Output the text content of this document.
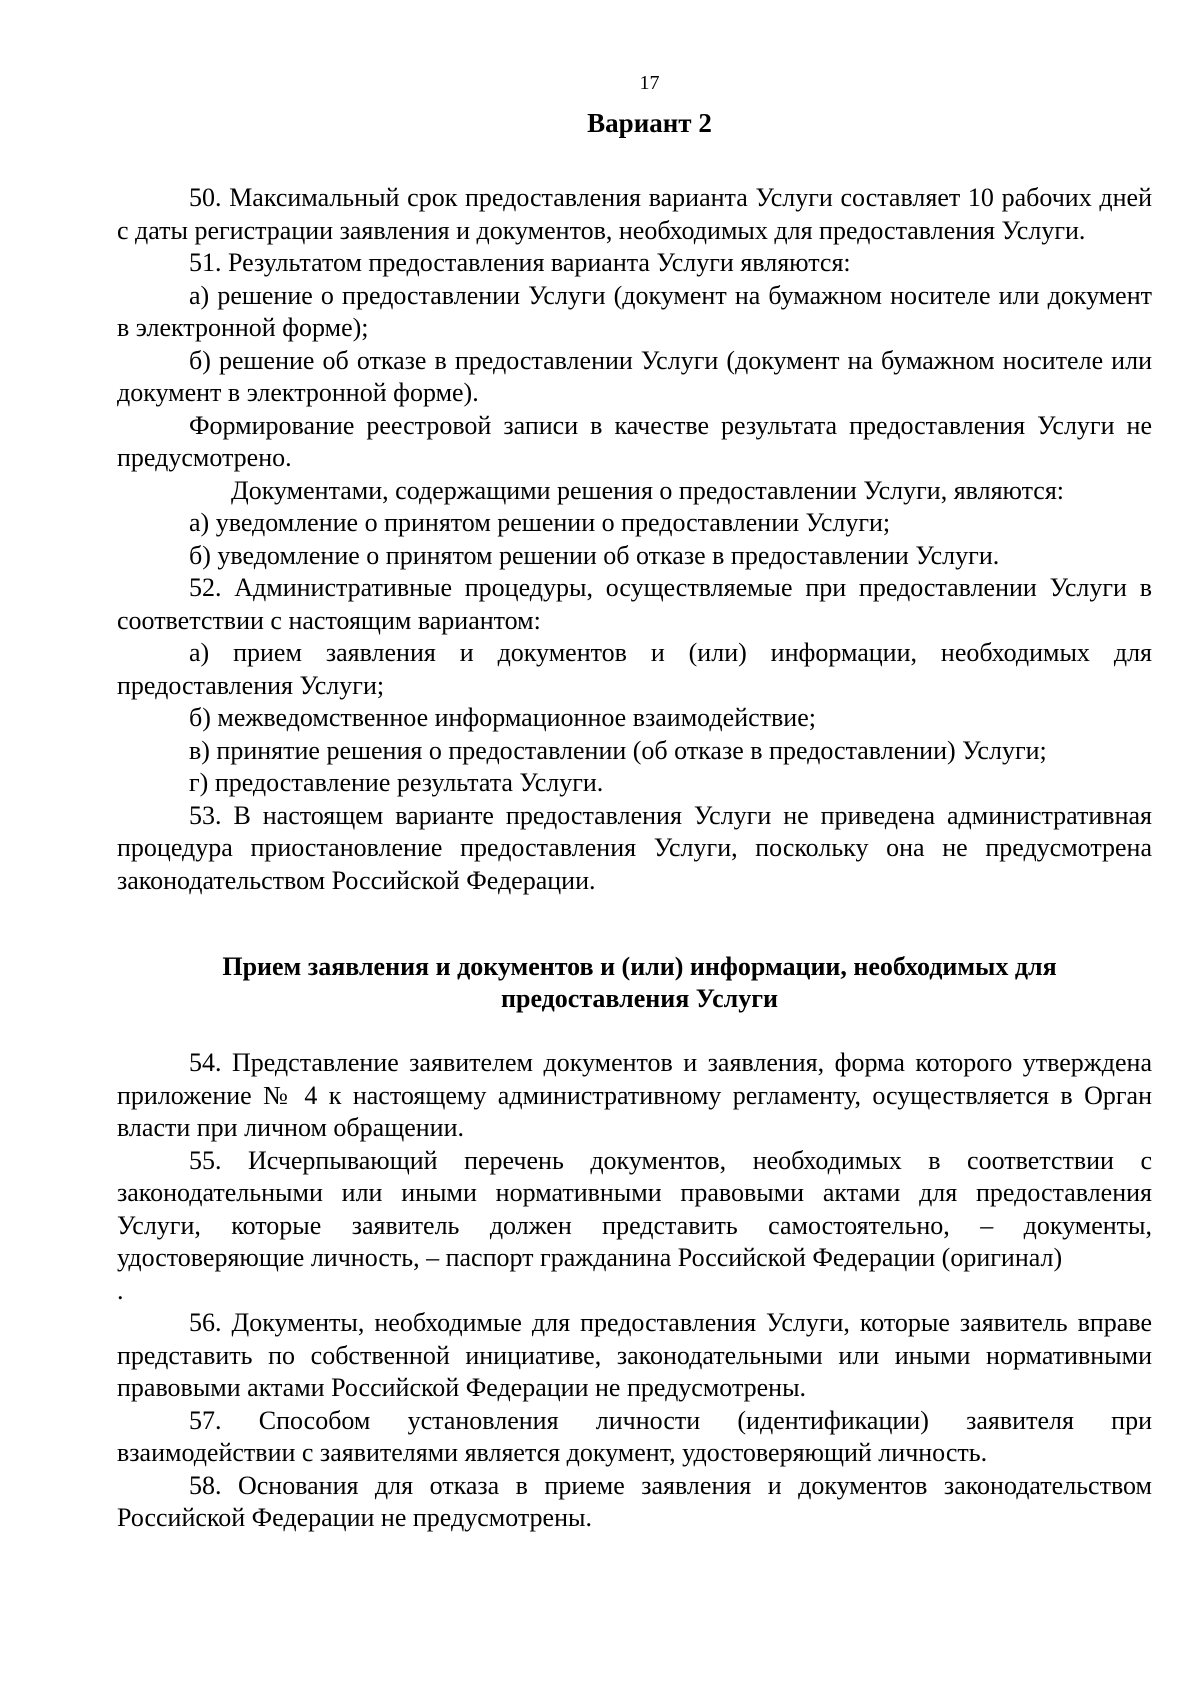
17
Вариант 2

50. Максимальный срок предоставления варианта Услуги составляет 10 рабочих дней с даты регистрации заявления и документов, необходимых для предоставления Услуги.

51. Результатом предоставления варианта Услуги являются:

а) решение о предоставлении Услуги (документ на бумажном носителе или документ в электронной форме);

б) решение об отказе в предоставлении Услуги (документ на бумажном носителе или документ в электронной форме).

Формирование реестровой записи в качестве результата предоставления Услуги не предусмотрено.

Документами, содержащими решения о предоставлении Услуги, являются:

а) уведомление о принятом решении о предоставлении Услуги;

б) уведомление о принятом решении об отказе в предоставлении Услуги.

52. Административные процедуры, осуществляемые при предоставлении Услуги в соответствии с настоящим вариантом:

а) прием заявления и документов и (или) информации, необходимых для предоставления Услуги;

б) межведомственное информационное взаимодействие;

в) принятие решения о предоставлении (об отказе в предоставлении) Услуги;

г) предоставление результата Услуги.

53. В настоящем варианте предоставления Услуги не приведена административная процедура приостановление предоставления Услуги, поскольку она не предусмотрена законодательством Российской Федерации.

Прием заявления и документов и (или) информации, необходимых для предоставления Услуги

54. Представление заявителем документов и заявления, форма которого утверждена приложение № 4 к настоящему административному регламенту, осуществляется в Орган власти при личном обращении.

55. Исчерпывающий перечень документов, необходимых в соответствии с законодательными или иными нормативными правовыми актами для предоставления Услуги, которые заявитель должен представить самостоятельно, – документы, удостоверяющие личность, – паспорт гражданина Российской Федерации (оригинал)

.

56. Документы, необходимые для предоставления Услуги, которые заявитель вправе представить по собственной инициативе, законодательными или иными нормативными правовыми актами Российской Федерации не предусмотрены.

57. Способом установления личности (идентификации) заявителя при взаимодействии с заявителями является документ, удостоверяющий личность.

58. Основания для отказа в приеме заявления и документов законодательством Российской Федерации не предусмотрены.
